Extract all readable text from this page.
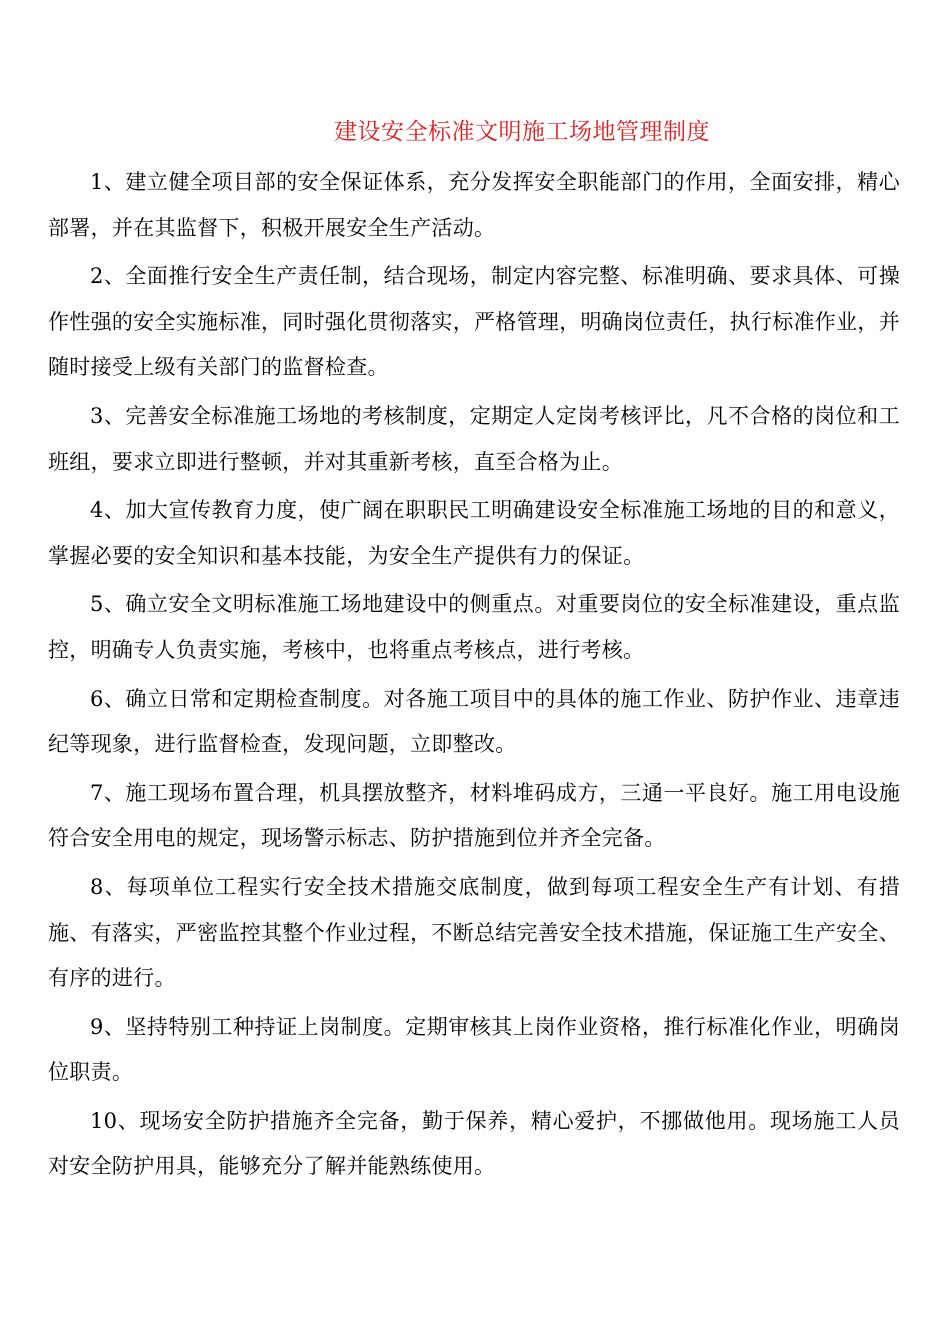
建设安全标准文明施工场地管理制度

1、建立健全项目部的安全保证体系，充分发挥安全职能部门的作用，全面安排，精心部署，并在其监督下，积极开展安全生产活动。

2、全面推行安全生产责任制，结合现场，制定内容完整、标准明确、要求具体、可操作性强的安全实施标准，同时强化贯彻落实，严格管理，明确岗位责任，执行标准作业，并随时接受上级有关部门的监督检查。

3、完善安全标准施工场地的考核制度，定期定人定岗考核评比，凡不合格的岗位和工班组，要求立即进行整顿，并对其重新考核，直至合格为止。

4、加大宣传教育力度，使广阔在职职民工明确建设安全标准施工场地的目的和意义，掌握必要的安全知识和基本技能，为安全生产提供有力的保证。

5、确立安全文明标准施工场地建设中的侧重点。对重要岗位的安全标准建设，重点监控，明确专人负责实施，考核中，也将重点考核点，进行考核。

6、确立日常和定期检查制度。对各施工项目中的具体的施工作业、防护作业、违章违纪等现象，进行监督检查，发现问题，立即整改。

7、施工现场布置合理，机具摆放整齐，材料堆码成方，三通一平良好。施工用电设施符合安全用电的规定，现场警示标志、防护措施到位并齐全完备。

8、每项单位工程实行安全技术措施交底制度，做到每项工程安全生产有计划、有措施、有落实，严密监控其整个作业过程，不断总结完善安全技术措施，保证施工生产安全、有序的进行。

9、坚持特别工种持证上岗制度。定期审核其上岗作业资格，推行标准化作业，明确岗位职责。

10、现场安全防护措施齐全完备，勤于保养，精心爱护，不挪做他用。现场施工人员对安全防护用具，能够充分了解并能熟练使用。
